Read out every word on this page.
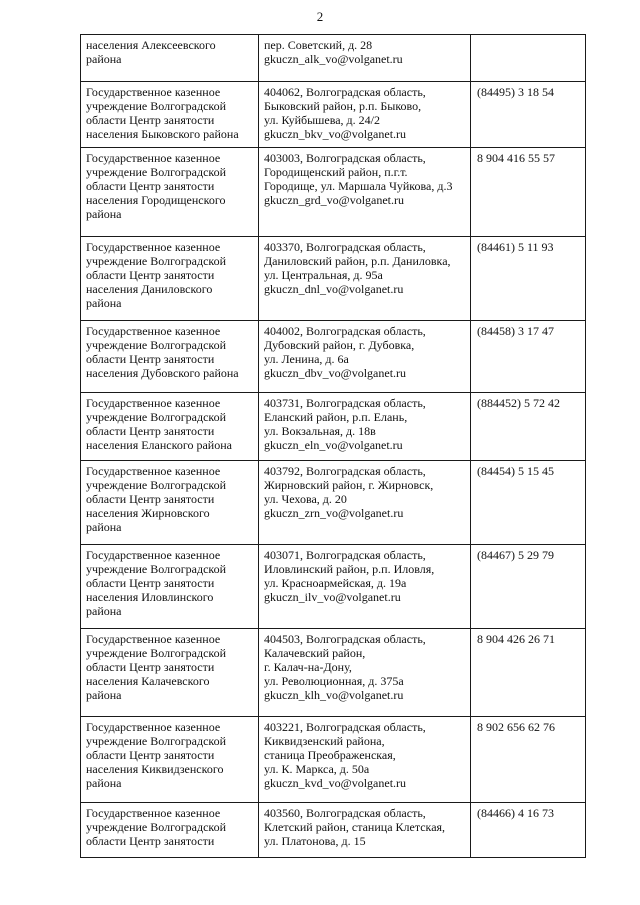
2
населения Алексеевского
района	пер. Советский, д. 28
gkuczn_alk_vo@volganet.ru	
Государственное казенное
учреждение Волгоградской
области Центр занятости
населения Быковского района	404062, Волгоградская область,
Быковский район, р.п. Быково,
ул. Куйбышева, д. 24/2
gkuczn_bkv_vo@volganet.ru	(84495) 3 18 54
Государственное казенное
учреждение Волгоградской
области Центр занятости
населения Городищенского
района	403003, Волгоградская область,
Городищенский район, п.г.т.
Городище, ул. Маршала Чуйкова, д.3
gkuczn_grd_vo@volganet.ru	8 904 416 55 57
Государственное казенное
учреждение Волгоградской
области Центр занятости
населения Даниловского
района	403370, Волгоградская область,
Даниловский район, р.п. Даниловка,
ул. Центральная, д. 95а
gkuczn_dnl_vo@volganet.ru	(84461) 5 11 93
Государственное казенное
учреждение Волгоградской
области Центр занятости
населения Дубовского района	404002, Волгоградская область,
Дубовский район, г. Дубовка,
ул. Ленина, д. 6а
gkuczn_dbv_vo@volganet.ru	(84458) 3 17 47
Государственное казенное
учреждение Волгоградской
области Центр занятости
населения Еланского района	403731, Волгоградская область,
Еланский район, р.п. Елань,
ул. Вокзальная, д. 18в
gkuczn_eln_vo@volganet.ru	(884452) 5 72 42
Государственное казенное
учреждение Волгоградской
области Центр занятости
населения Жирновского
района	403792, Волгоградская область,
Жирновский район, г. Жирновск,
ул. Чехова, д. 20
gkuczn_zrn_vo@volganet.ru	(84454) 5 15 45
Государственное казенное
учреждение Волгоградской
области Центр занятости
населения Иловлинского
района	403071, Волгоградская область,
Иловлинский район, р.п. Иловля,
ул. Красноармейская, д. 19а
gkuczn_ilv_vo@volganet.ru	(84467) 5 29 79
Государственное казенное
учреждение Волгоградской
области Центр занятости
населения Калачевского
района	404503, Волгоградская область,
Калачевский район,
г. Калач-на-Дону,
ул. Революционная, д. 375а
gkuczn_klh_vo@volganet.ru	8 904 426 26 71
Государственное казенное
учреждение Волгоградской
области Центр занятости
населения Киквидзенского
района	403221, Волгоградская область,
Киквидзенский района,
станица Преображенская,
ул. К. Маркса, д. 50а
gkuczn_kvd_vo@volganet.ru	8 902 656 62 76
Государственное казенное
учреждение Волгоградской
области Центр занятости	403560, Волгоградская область,
Клетский район, станица Клетская,
ул. Платонова, д. 15	(84466) 4 16 73
